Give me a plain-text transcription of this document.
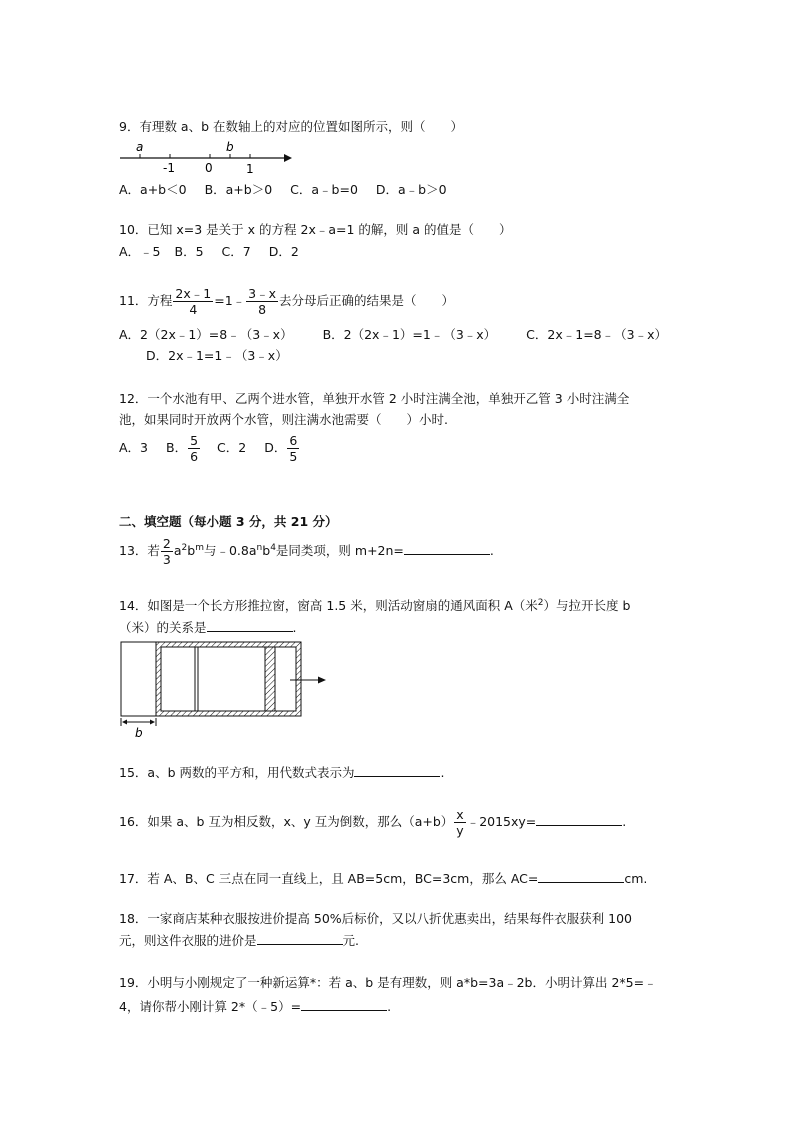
9．有理数 a、b 在数轴上的对应的位置如图所示，则（　　）
a	b
-1	0	1
A．a+b＜0 B．a+b＞0 C．a﹣b=0 D．a﹣b＞0
10．已知 x=3 是关于 x 的方程 2x﹣a=1 的解，则 a 的值是（　　）
A．﹣5 B．5 C．7 D．2
11．方程 $\frac{2x﹣1}{4}$ =1﹣ $\frac{3﹣x}{8}$ 去分母后正确的结果是（　　）
A．2（2x﹣1）=8﹣（3﹣x） B．2（2x﹣1）=1﹣（3﹣x） C．2x﹣1=8﹣（3﹣x）
D．2x﹣1=1﹣（3﹣x）
12．一个水池有甲、乙两个进水管，单独开水管 2 小时注满全池，单独开乙管 3 小时注满全
池，如果同时开放两个水管，则注满水池需要（　　）小时.
A．3 B． $\frac{5}{6}$ C．2 D． $\frac{6}{5}$
二、填空题（每小题 3 分，共 21 分）
13．若 $\frac{2}{3} a^2b^m$与$﹣0.8a^nb^4$是同类项，则 m+2n=	.
14．如图是一个长方形推拉窗，窗高 1.5 米，则活动窗扇的通风面积 A（米$^2$）与拉开长度 b
（米）的关系是	.
b
15．a、b 两数的平方和，用代数式表示为	.
16．如果 a、b 互为相反数，x、y 互为倒数，那么$(a+b) \frac{x}{y}$ ﹣2015xy=	.
17．若 A、B、C 三点在同一直线上，且 AB=5cm，BC=3cm，那么 AC=	cm.
18．一家商店某种衣服按进价提高 50%后标价，又以八折优惠卖出，结果每件衣服获利 100
元，则这件衣服的进价是	元.
19．小明与小刚规定了一种新运算*：若 a、b 是有理数，则 a*b=3a﹣2b．小明计算出 2*5=﹣
4，请你帮小刚计算 2*（﹣5）=	.
